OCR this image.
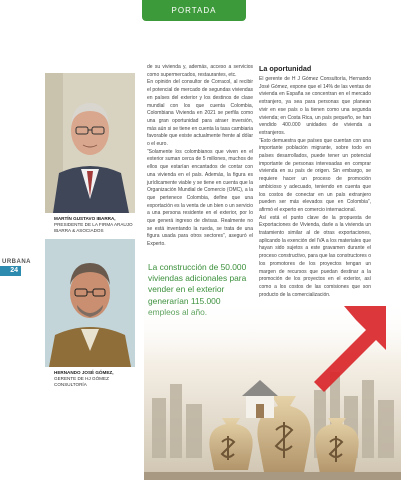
PORTADA
URBANA
24
MARTÍN GUSTAVO IBARRA,
PRESIDENTE DE LA FIRMA ARAUJO IBARRA & ASOCIADOS
HERNANDO JOSÉ GÓMEZ,
GERENTE DE HJ GÓMEZ CONSULTORÍA

de su vivienda y, además, acceso a servicios como supermercados, restaurantes, etc.

En opinión del consultor de Corracol, al recibir el potencial de mercado de segundas viviendas en países del exterior y los destinos de clase mundial con los que cuenta Colombia, Colombiana Vivienda en 2021 se perfila como una gran oportunidad para atraer inversión, más aún si se tiene en cuenta la tasa cambiaria favorable que existe actualmente frente al dólar o el euro.

“Solamente los colombianos que viven en el exterior suman cerca de 5 millones, muchos de ellos que estarían encantados de contar con una vivienda en el país. Además, la figura es jurídicamente viable y se tiene en cuenta que la Organización Mundial de Comercio (OMC), a la que pertenece Colombia, define que una exportación es la venta de un bien o un servicio a una persona residente en el exterior, por lo que generá ingreso de divisas. Realmente no se está inventando la rueda, se trata de una figura usada para otros sectores”, aseguró el Experto.

La construcción de 50.000 viviendas adicionales para vender en el exterior
La oportunidad

El gerente de H J Gómez Consultoría, Hernando José Gómez, expone que el 14% de las ventas de vivienda en España se concentran en el mercado extranjero, ya sea para personas que planean vivir en ese país o la tienen como una segunda vivienda; en Costa Rica, un país pequeño, se han vendido 400.000 unidades de vivienda a extranjeros.

“Esto demuestra que países que cuentan con una importante población migrante, sobre todo en países desarrollados, puede tener un potencial importante de personas interesadas en comprar vivienda en su país de origen. Sin embargo, se requiere hacer un proceso de promoción ambicioso y adecuado, teniendo en cuenta que los costos de conectar en un país extranjero pueden ser más elevados que en Colombia”, afirmó el experto en comercio internacional.

Así está el punto clave de la propuesta de Exportaciones de Vivienda, darle a la vivienda un tratamiento similar al de otras exportaciones, aplicando la exención del IVA a los materiales que hayan sido sujetos a este gravamen durante el proceso constructivo, para que las constructores o los promotores de los proyectos tengan un margen de recursos que puedan destinar a la promoción de los proyectos en el exterior, así como a los costos de las comisiones que son producto de la comercialización.
